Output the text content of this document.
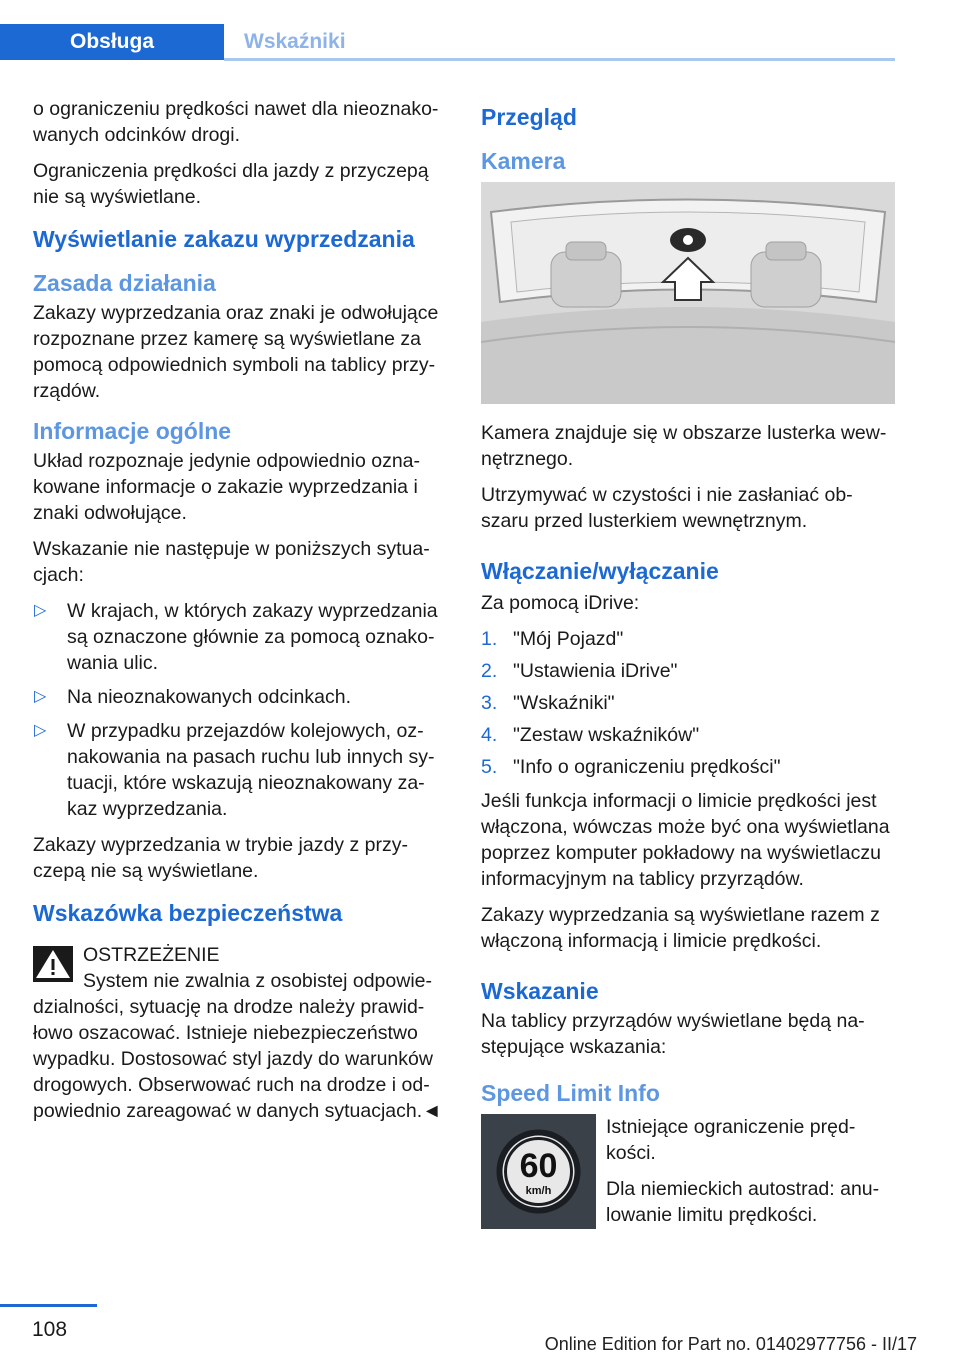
Obsługa	Wskaźniki

o ograniczeniu prędkości nawet dla nieoznako-wanych odcinków drogi.

Ograniczenia prędkości dla jazdy z przyczepą nie są wyświetlane.

Wyświetlanie zakazu wyprzedzania
Zasada działania

Zakazy wyprzedzania oraz znaki je odwołujące rozpoznane przez kamerę są wyświetlane za pomocą odpowiednich symboli na tablicy przy-rządów.

Informacje ogólne

Układ rozpoznaje jedynie odpowiednio ozna-kowane informacje o zakazie wyprzedzania i znaki odwołujące.

Wskazanie nie następuje w poniższych sytua-cjach:

▷ W krajach, w których zakazy wyprzedzania są oznaczone głównie za pomocą oznako-wania ulic.
▷ Na nieoznakowanych odcinkach.
▷ W przypadku przejazdów kolejowych, oz-nakowania na pasach ruchu lub innych sy-tuacji, które wskazują nieoznakowany za-kaz wyprzedzania.

Zakazy wyprzedzania w trybie jazdy z przy-czepą nie są wyświetlane.

Wskazówka bezpieczeństwa

OSTRZEŻENIE

System nie zwalnia z osobistej odpowie-dzialności, sytuację na drodze należy prawid-łowo oszacować. Istnieje niebezpieczeństwo wypadku. Dostosować styl jazdy do warunków drogowych. Obserwować ruch na drodze i od-powiednio zareagować w danych sytuacjach.◄

Przegląd
Kamera

Kamera znajduje się w obszarze lusterka wew-nętrznego.

Utrzymywać w czystości i nie zasłaniać ob-szaru przed lusterkiem wewnętrznym.

Włączanie/wyłączanie

Za pomocą iDrive:

1. "Mój Pojazd"
2. "Ustawienia iDrive"
3. "Wskaźniki"
4. "Zestaw wskaźników"
5. "Info o ograniczeniu prędkości"

Jeśli funkcja informacji o limicie prędkości jest włączona, wówczas może być ona wyświetlana poprzez komputer pokładowy na wyświetlaczu informacyjnym na tablicy przyrządów.

Zakazy wyprzedzania są wyświetlane razem z włączoną informacją i limicie prędkości.

Wskazanie

Na tablicy przyrządów wyświetlane będą na-stępujące wskazania:

Speed Limit Info
60
km/h

Istniejące ograniczenie pręd-kości.

Dla niemieckich autostrad: anu-lowanie limitu prędkości.

108
Online Edition for Part no. 01402977756 - II/17
